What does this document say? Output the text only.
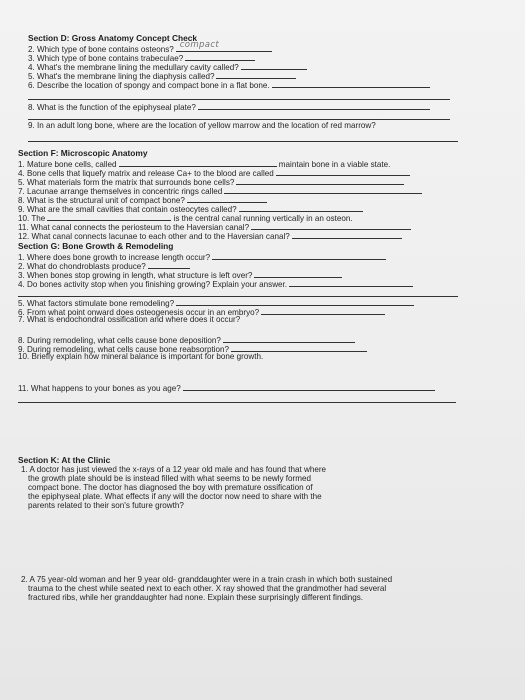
Section D: Gross Anatomy Concept Check
2. Which type of bone contains osteons? compact
3. Which type of bone contains trabeculae?
4. What's the membrane lining the medullary cavity called?
5. What's the membrane lining the diaphysis called?
6. Describe the location of spongy and compact bone in a flat bone.
8. What is the function of the epiphyseal plate?
9. In an adult long bone, where are the location of yellow marrow and the location of red marrow?
Section F: Microscopic Anatomy
1. Mature bone cells, called	maintain bone in a viable state.
4. Bone cells that liquefy matrix and release Ca+ to the blood are called
5. What materials form the matrix that surrounds bone cells?
7. Lacunae arrange themselves in concentric rings called
8. What is the structural unit of compact bone?
9. What are the small cavities that contain osteocytes called?
10. The	is the central canal running vertically in an osteon.
11. What canal connects the periosteum to the Haversian canal?
12. What canal connects lacunae to each other and to the Haversian canal?
Section G: Bone Growth & Remodeling
1. Where does bone growth to increase length occur?
2. What do chondroblasts produce?
3. When bones stop growing in length, what structure is left over?
4. Do bones activity stop when you finishing growing? Explain your answer.
5. What factors stimulate bone remodeling?
6. From what point onward does osteogenesis occur in an embryo?
7. What is endochondral ossification and where does it occur?
8. During remodeling, what cells cause bone deposition?
9. During remodeling, what cells cause bone reabsorption?
10. Briefly explain how mineral balance is important for bone growth.
11. What happens to your bones as you age?
Section K: At the Clinic
1. A doctor has just viewed the x-rays of a 12 year old male and has found that where
the growth plate should be is instead filled with what seems to be newly formed
compact bone. The doctor has diagnosed the boy with premature ossification of
the epiphyseal plate. What effects if any will the doctor now need to share with the
parents related to their son's future growth?
2. A 75 year-old woman and her 9 year old- granddaughter were in a train crash in which both sustained
trauma to the chest while seated next to each other. X ray showed that the grandmother had several
fractured ribs, while her granddaughter had none. Explain these surprisingly different findings.
